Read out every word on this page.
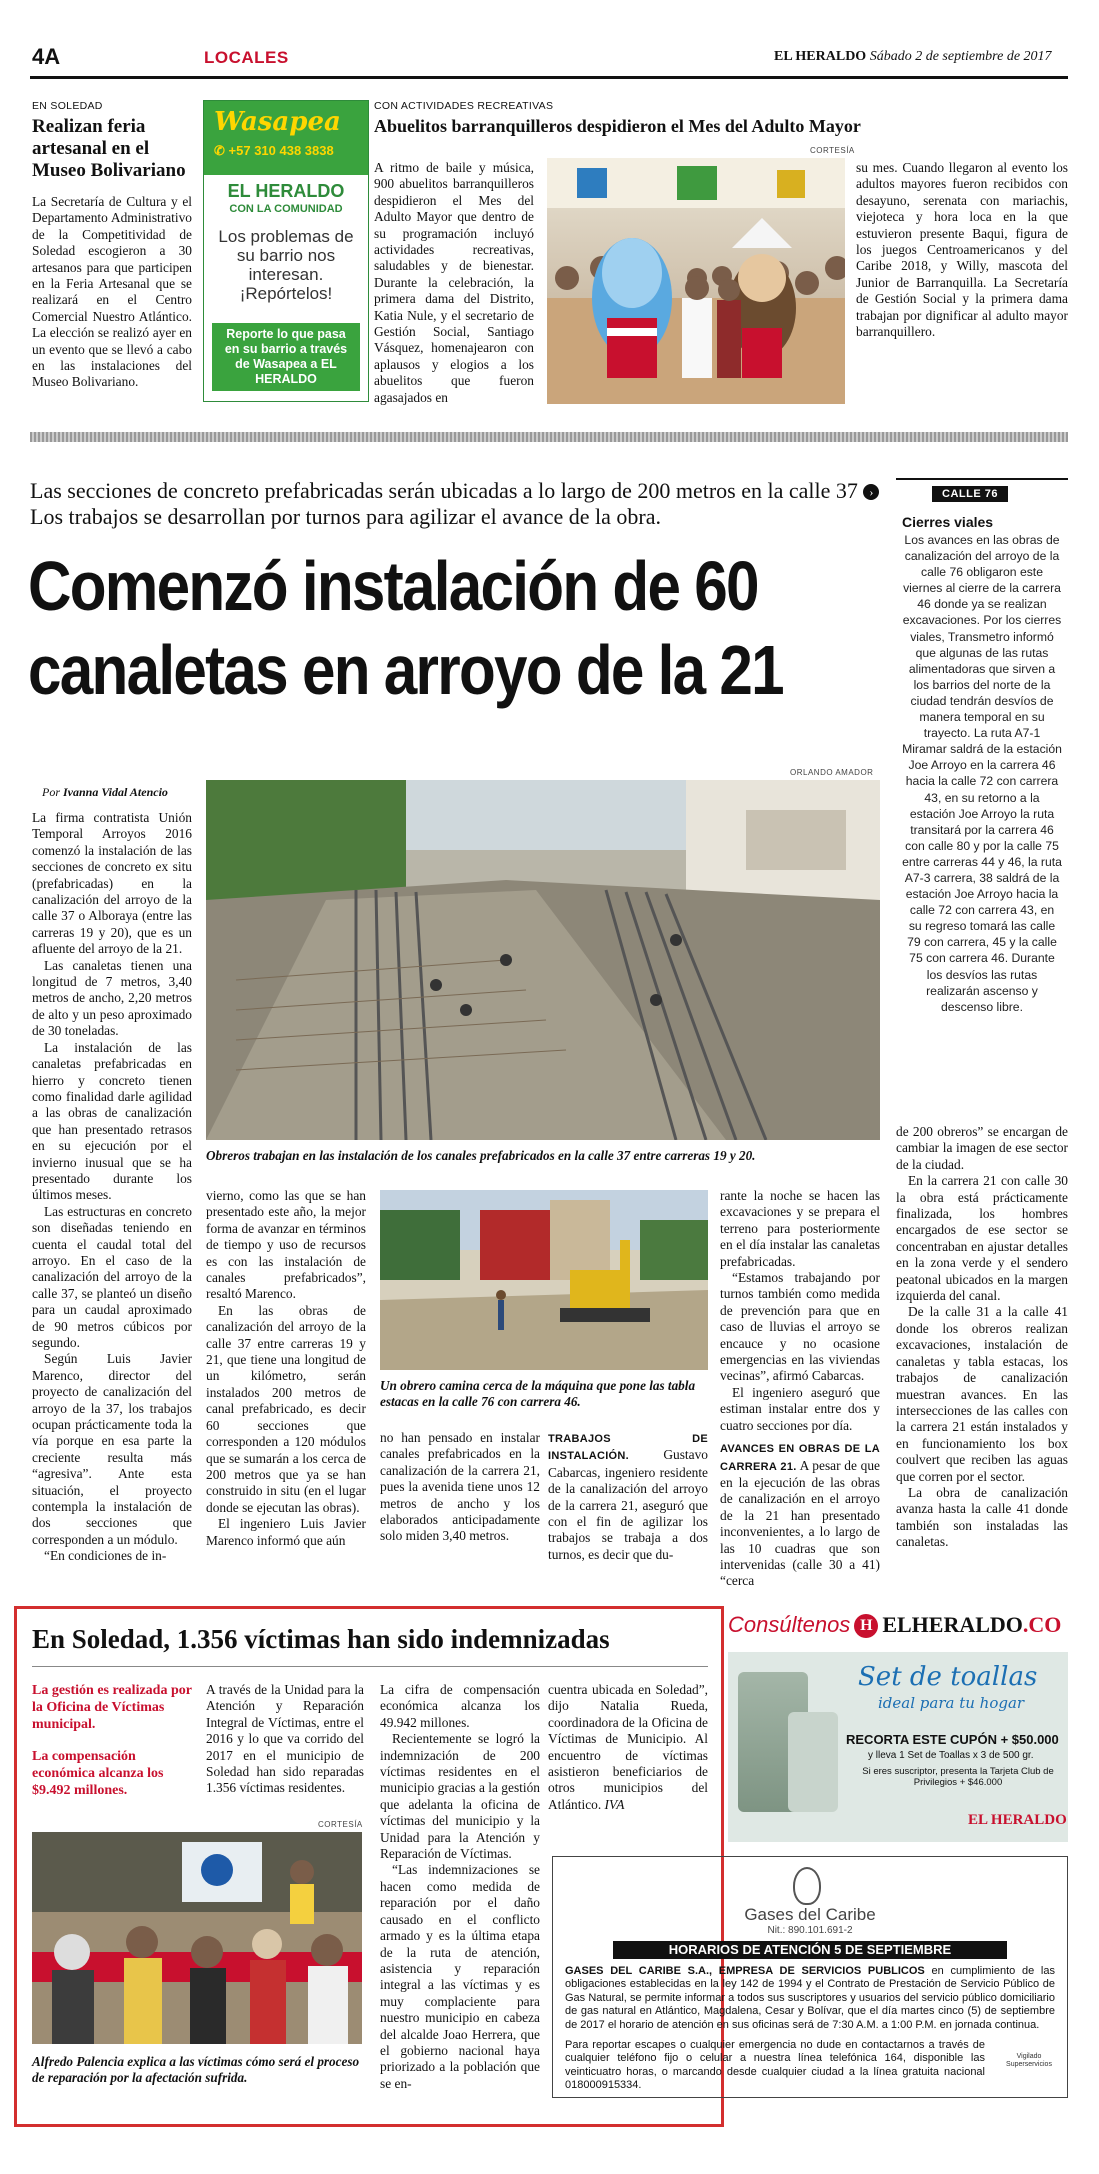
4A	LOCALES	EL HERALDO Sábado 2 de septiembre de 2017
EN SOLEDAD
Realizan feria artesanal en el Museo Bolivariano

La Secretaría de Cultura y el Departamento Administrativo de la Competitividad de Soledad escogieron a 30 artesanos para que participen en la Feria Artesanal que se realizará en el Centro Comercial Nuestro Atlántico. La elección se realizó ayer en un evento que se llevó a cabo en las instalaciones del Museo Bolivariano.

Wasapea
✆ +57 310 438 3838
EL HERALDO
CON LA COMUNIDAD
Los problemas de su barrio nos interesan. ¡Repórtelos!
Reporte lo que pasa en su barrio a través de Wasapea a EL HERALDO
CON ACTIVIDADES RECREATIVAS
Abuelitos barranquilleros despidieron el Mes del Adulto Mayor
CORTESÍA

A ritmo de baile y música, 900 abuelitos barranquilleros despidieron el Mes del Adulto Mayor que dentro de su programación incluyó actividades recreativas, saludables y de bienestar. Durante la celebración, la primera dama del Distrito, Katia Nule, y el secretario de Gestión Social, Santiago Vásquez, homenajearon con aplausos y elogios a los abuelitos que fueron agasajados en

su mes. Cuando llegaron al evento los adultos mayores fueron recibidos con desayuno, serenata con mariachis, viejoteca y hora loca en la que estuvieron presente Baqui, figura de los juegos Centroamericanos y del Caribe 2018, y Willy, mascota del Junior de Barranquilla. La Secretaría de Gestión Social y la primera dama trabajan por dignificar al adulto mayor barranquillero.

Las secciones de concreto prefabricadas serán ubicadas a lo largo de 200 metros en la calle 37 › Los trabajos se desarrollan por turnos para agilizar el avance de la obra.
Comenzó instalación de 60
canaletas en arroyo de la 21
Por Ivanna Vidal Atencio
ORLANDO AMADOR
Obreros trabajan en las instalación de los canales prefabricados en la calle 37 entre carreras 19 y 20.

La firma contratista Unión Temporal Arroyos 2016 comenzó la instalación de las secciones de concreto ex situ (prefabricadas) en la canalización del arroyo de la calle 37 o Alboraya (entre las carreras 19 y 20), que es un afluente del arroyo de la 21.

Las canaletas tienen una longitud de 7 metros, 3,40 metros de ancho, 2,20 metros de alto y un peso aproximado de 30 toneladas.

La instalación de las canaletas prefabricadas en hierro y concreto tienen como finalidad darle agilidad a las obras de canalización que han presentado retrasos en su ejecución por el invierno inusual que se ha presentado durante los últimos meses.

Las estructuras en concreto son diseñadas teniendo en cuenta el caudal total del arroyo. En el caso de la canalización del arroyo de la calle 37, se planteó un diseño para un caudal aproximado de 90 metros cúbicos por segundo.

Según Luis Javier Marenco, director del proyecto de canalización del arroyo de la 37, los trabajos ocupan prácticamente toda la vía porque en esa parte la creciente resulta más “agresiva”. Ante esta situación, el proyecto contempla la instalación de dos secciones que corresponden a un módulo.

“En condiciones de in-

vierno, como las que se han presentado este año, la mejor forma de avanzar en términos de tiempo y uso de recursos es con las instalación de canales prefabricados”, resaltó Marenco.

En las obras de canalización del arroyo de la calle 37 entre carreras 19 y 21, que tiene una longitud de un kilómetro, serán instalados 200 metros de canal prefabricado, es decir 60 secciones que corresponden a 120 módulos que se sumarán a los cerca de 200 metros que ya se han construido in situ (en el lugar donde se ejecutan las obras).

El ingeniero Luis Javier Marenco informó que aún

Un obrero camina cerca de la máquina que pone las tabla estacas en la calle 76 con carrera 46.

no han pensado en instalar canales prefabricados en la canalización de la carrera 21, pues la avenida tiene unos 12 metros de ancho y los elaborados anticipadamente solo miden 3,40 metros.

TRABAJOS DE INSTALACIÓN.	Gustavo Cabarcas, ingeniero residente de la canalización del arroyo de la carrera 21, aseguró que con el fin de agilizar los trabajos se trabaja a dos turnos, es decir que du-

rante la noche se hacen las excavaciones y se prepara el terreno para posteriormente en el día instalar las canaletas prefabricadas.

“Estamos trabajando por turnos también como medida de prevención para que en caso de lluvias el arroyo se encauce y no ocasione emergencias en las viviendas vecinas”, afirmó Cabarcas.

El ingeniero aseguró que estiman instalar entre dos y cuatro secciones por día.

AVANCES EN OBRAS DE LA CARRERA 21. A pesar de que en la ejecución de las obras de canalización en el arroyo de la 21 han presentado inconvenientes, a lo largo de las 10 cuadras que son intervenidas (calle 30 a 41) “cerca

de 200 obreros” se encargan de cambiar la imagen de ese sector de la ciudad.

En la carrera 21 con calle 30 la obra está prácticamente finalizada, los hombres encargados de ese sector se concentraban en ajustar detalles en la zona verde y el sendero peatonal ubicados en la margen izquierda del canal.

De la calle 31 a la calle 41 donde los obreros realizan excavaciones, instalación de canaletas y tabla estacas, los trabajos de canalización muestran avances. En las intersecciones de las calles con la carrera 21 están instalados y en funcionamiento los box coulvert que reciben las aguas que corren por el sector.

La obra de canalización avanza hasta la calle 41 donde también son instaladas las canaletas.

CALLE 76
Cierres viales
Los avances en las obras de canalización del arroyo de la calle 76 obligaron este viernes al cierre de la carrera 46 donde ya se realizan excavaciones. Por los cierres viales, Transmetro informó que algunas de las rutas alimentadoras que sirven a los barrios del norte de la ciudad tendrán desvíos de manera temporal en su trayecto. La ruta A7-1 Miramar saldrá de la estación Joe Arroyo en la carrera 46 hacia la calle 72 con carrera 43, en su retorno a la estación Joe Arroyo la ruta transitará por la carrera 46 con calle 80 y por la calle 75 entre carreras 44 y 46, la ruta A7-3 carrera, 38 saldrá de la estación Joe Arroyo hacia la calle 72 con carrera 43, en su regreso tomará las calle 79 con carrera, 45 y la calle 75 con carrera 46. Durante los desvíos las rutas realizarán ascenso y descenso libre.
En Soledad, 1.356 víctimas han sido indemnizadas
La gestión es realizada por la Oficina de Víctimas municipal.
La compensación económica alcanza los $9.492 millones.
CORTESÍA
Alfredo Palencia explica a las víctimas cómo será el proceso de reparación por la afectación sufrida.

A través de la Unidad para la Atención y Reparación Integral de Víctimas, entre el 2016 y lo que va corrido del 2017 en el municipio de Soledad han sido reparadas 1.356 víctimas residentes.

La cifra de compensación económica alcanza los 49.942 millones.

Recientemente se logró la indemnización de 200 víctimas residentes en el municipio gracias a la gestión que adelanta la oficina de víctimas del municipio y la Unidad para la Atención y Reparación de Víctimas.

“Las indemnizaciones se hacen como medida de reparación por el daño causado en el conflicto armado y es la última etapa de la ruta de atención, asistencia y reparación integral a las víctimas y es muy complaciente para nuestro municipio en cabeza del alcalde Joao Herrera, que el gobierno nacional haya priorizado a la población que se en-

cuentra ubicada en Soledad”, dijo Natalia Rueda, coordinadora de la Oficina de Víctimas de Municipio. Al encuentro de víctimas asistieron beneficiarios de otros municipios del Atlántico. IVA

Consúltenos H ELHERALDO.CO
Set de toallas
ideal para tu hogar
RECORTA ESTE CUPÓN + $50.000
y lleva 1 Set de Toallas x 3 de 500 gr.
Si eres suscriptor, presenta la Tarjeta Club de Privilegios + $46.000
EL HERALDO
Gases del Caribe
Nit.: 890.101.691-2
HORARIOS DE ATENCIÓN 5 DE SEPTIEMBRE
GASES DEL CARIBE S.A., EMPRESA DE SERVICIOS PUBLICOS en cumplimiento de las obligaciones establecidas en la ley 142 de 1994 y el Contrato de Prestación de Servicio Público de Gas Natural, se permite informar a todos sus suscriptores y usuarios del servicio público domiciliario de gas natural en Atlántico, Magdalena, Cesar y Bolívar, que el día martes cinco (5) de septiembre de 2017 el horario de atención en sus oficinas será de 7:30 A.M. a 1:00 P.M. en jornada continua.
Para reportar escapes o cualquier emergencia no dude en contactarnos a través de cualquier teléfono fijo o celular a nuestra línea telefónica 164, disponible las veinticuatro horas, o marcando desde cualquier ciudad a la línea gratuita nacional 018000915334.
Vigilado Superservicios
